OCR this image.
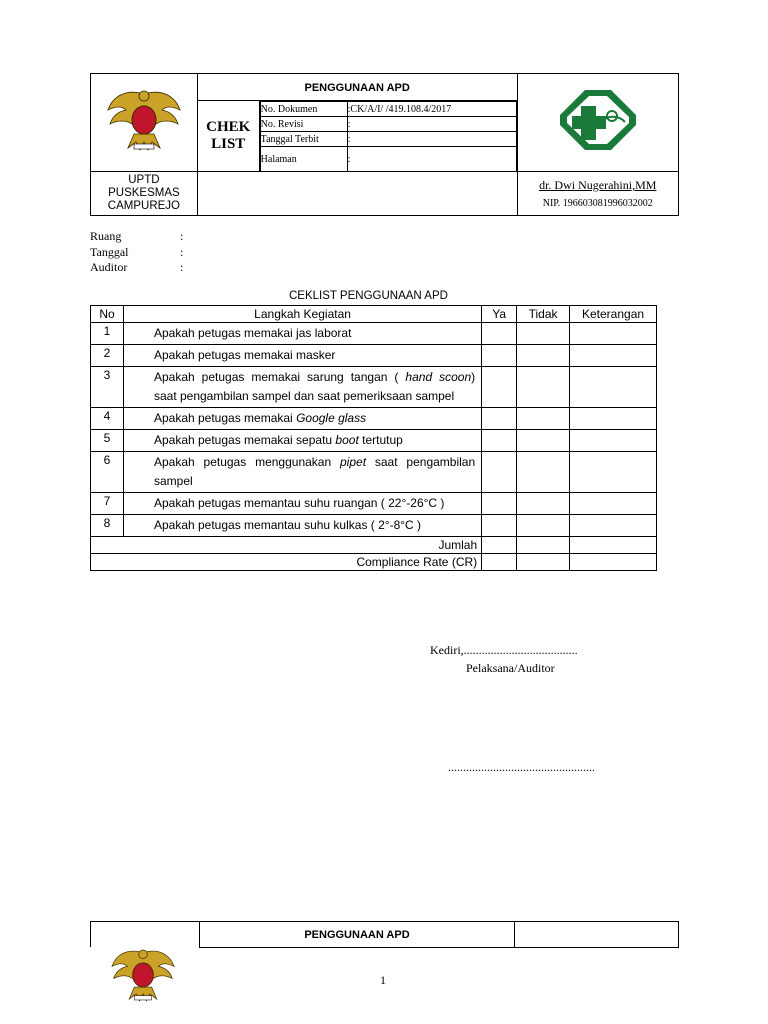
	PENGGUNAAN APD	

CHEK
LIST

No. Dokumen	:CK/A/I/ /419.108.4/2017
No. Revisi	:
Tanggal Terbit	:
Halaman	:

UPTD
PUSKESMAS
CAMPUREJO

dr. Dwi Nugerahini,MM
NIP. 196603081996032002
Ruang	:
Tanggal	:
Auditor	:
CEKLIST PENGGUNAAN APD
No	Langkah Kegiatan	Ya	Tidak	Keterangan
1	Apakah petugas memakai jas laborat			
2	Apakah petugas memakai masker			
3	Apakah petugas memakai sarung tangan ( hand scoon) saat pengambilan sampel dan saat pemeriksaan sampel			
4	Apakah petugas memakai Google glass			
5	Apakah petugas memakai sepatu boot tertutup			
6	Apakah petugas menggunakan pipet saat pengambilan sampel			
7	Apakah petugas memantau suhu ruangan ( 22°-26°C )			
8	Apakah petugas memantau suhu kulkas ( 2°-8°C )			
Jumlah				
Compliance Rate (CR)				
Kediri,......................................
Pelaksana/Auditor
.................................................
	PENGGUNAAN APD	
1
